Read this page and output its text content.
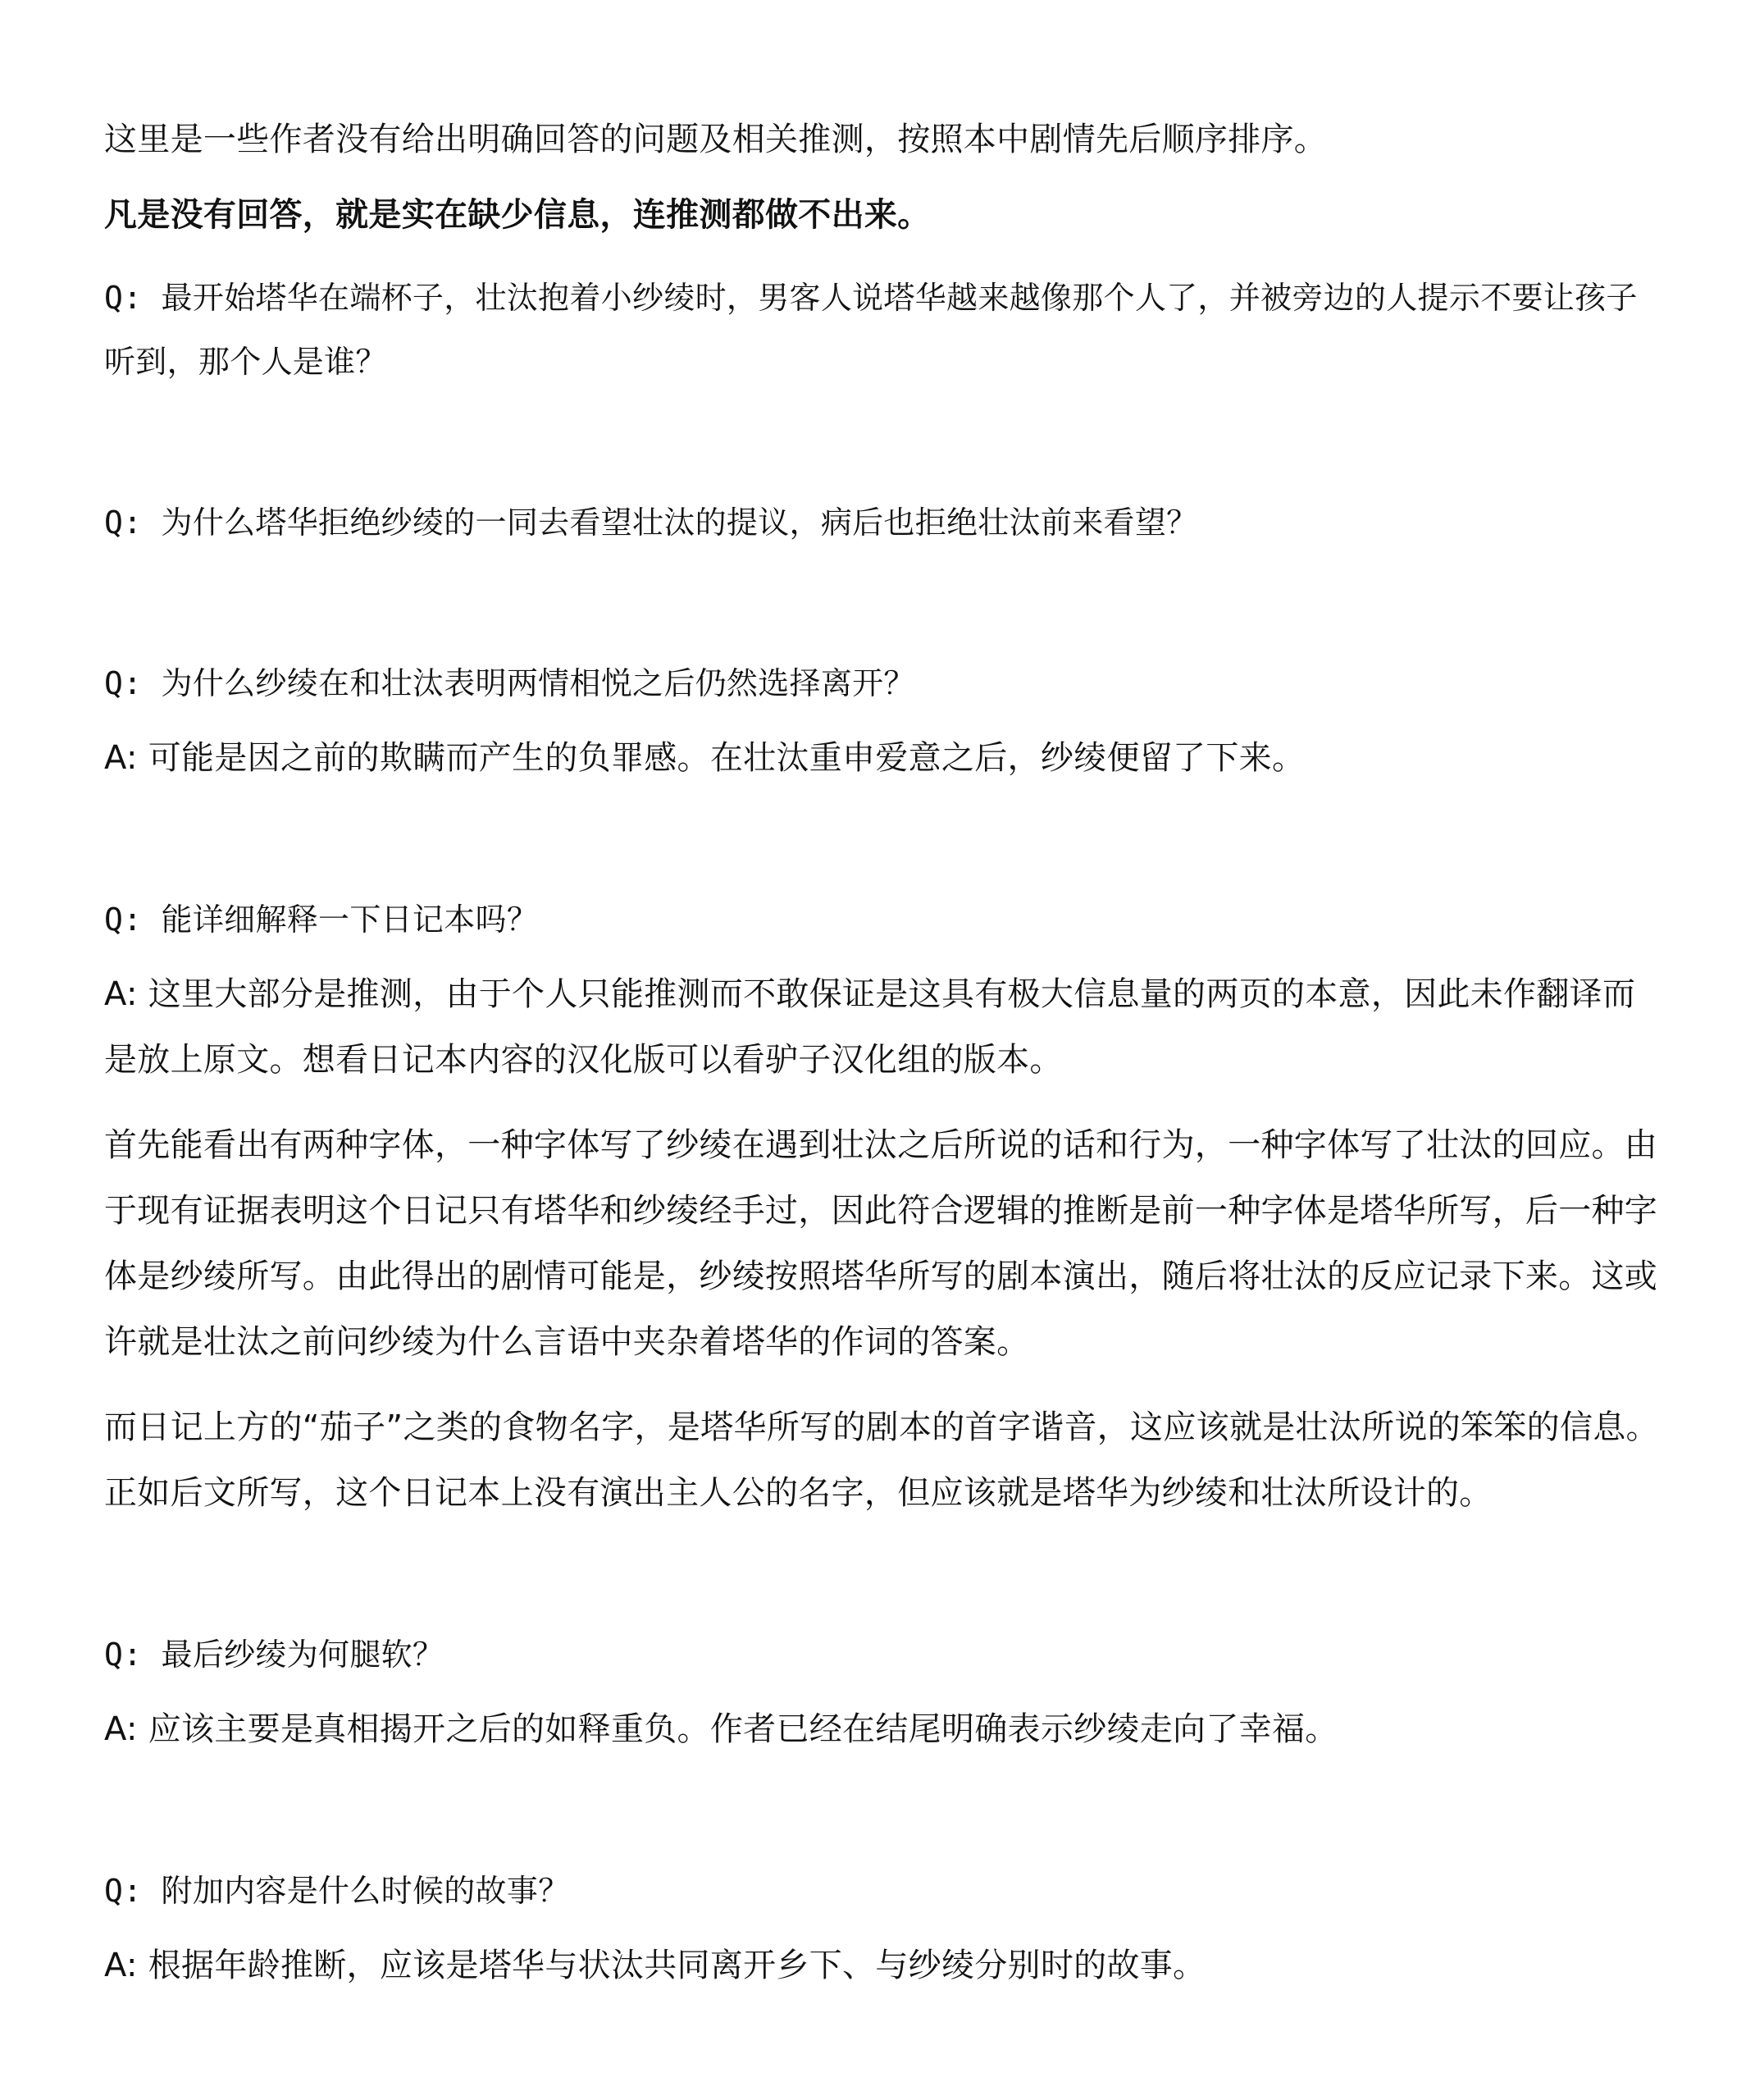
这里是一些作者没有给出明确回答的问题及相关推测，按照本中剧情先后顺序排序。

凡是没有回答，就是实在缺少信息，连推测都做不出来。

Q: 最开始塔华在端杯子，壮汰抱着小纱绫时，男客人说塔华越来越像那个人了，并被旁边的人提示不要让孩子听到，那个人是谁？

Q: 为什么塔华拒绝纱绫的一同去看望壮汰的提议，病后也拒绝壮汰前来看望？

Q: 为什么纱绫在和壮汰表明两情相悦之后仍然选择离开？

A: 可能是因之前的欺瞒而产生的负罪感。在壮汰重申爱意之后，纱绫便留了下来。

Q: 能详细解释一下日记本吗？

A: 这里大部分是推测，由于个人只能推测而不敢保证是这具有极大信息量的两页的本意，因此未作翻译而是放上原文。想看日记本内容的汉化版可以看驴子汉化组的版本。

首先能看出有两种字体，一种字体写了纱绫在遇到壮汰之后所说的话和行为，一种字体写了壮汰的回应。由于现有证据表明这个日记只有塔华和纱绫经手过，因此符合逻辑的推断是前一种字体是塔华所写，后一种字体是纱绫所写。由此得出的剧情可能是，纱绫按照塔华所写的剧本演出，随后将壮汰的反应记录下来。这或许就是壮汰之前问纱绫为什么言语中夹杂着塔华的作词的答案。

而日记上方的“茄子”之类的食物名字，是塔华所写的剧本的首字谐音，这应该就是壮汰所说的笨笨的信息。正如后文所写，这个日记本上没有演出主人公的名字，但应该就是塔华为纱绫和壮汰所设计的。

Q: 最后纱绫为何腿软？

A: 应该主要是真相揭开之后的如释重负。作者已经在结尾明确表示纱绫走向了幸福。

Q: 附加内容是什么时候的故事？

A: 根据年龄推断，应该是塔华与状汰共同离开乡下、与纱绫分别时的故事。
